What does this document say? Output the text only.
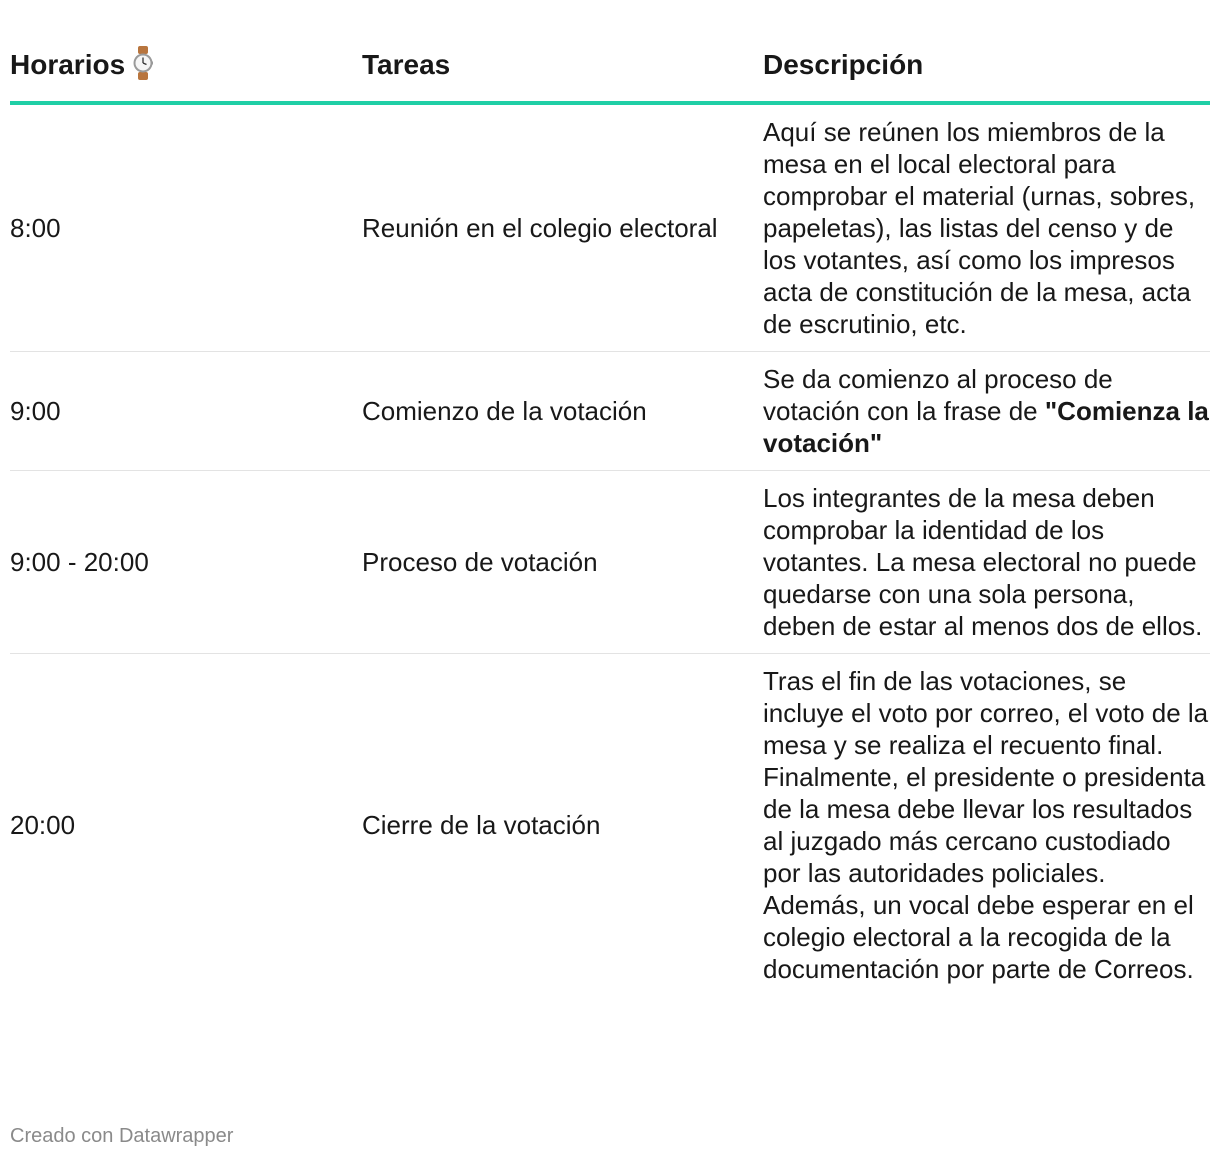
Horarios	Tareas	Descripción
8:00	Reunión en el colegio electoral	Aquí se reúnen los miembros de la mesa en el local electoral para comprobar el material (urnas, sobres, papeletas), las listas del censo y de los votantes, así como los impresos acta de constitución de la mesa, acta de escrutinio, etc.
9:00	Comienzo de la votación	Se da comienzo al proceso de votación con la frase de "Comienza la votación"
9:00 - 20:00	Proceso de votación	Los integrantes de la mesa deben comprobar la identidad de los votantes. La mesa electoral no puede quedarse con una sola persona, deben de estar al menos dos de ellos.
20:00	Cierre de la votación	Tras el fin de las votaciones, se incluye el voto por correo, el voto de la mesa y se realiza el recuento final. Finalmente, el presidente o presidenta de la mesa debe llevar los resultados al juzgado más cercano custodiado por las autoridades policiales. Además, un vocal debe esperar en el colegio electoral a la recogida de la documentación por parte de Correos.
Creado con Datawrapper
